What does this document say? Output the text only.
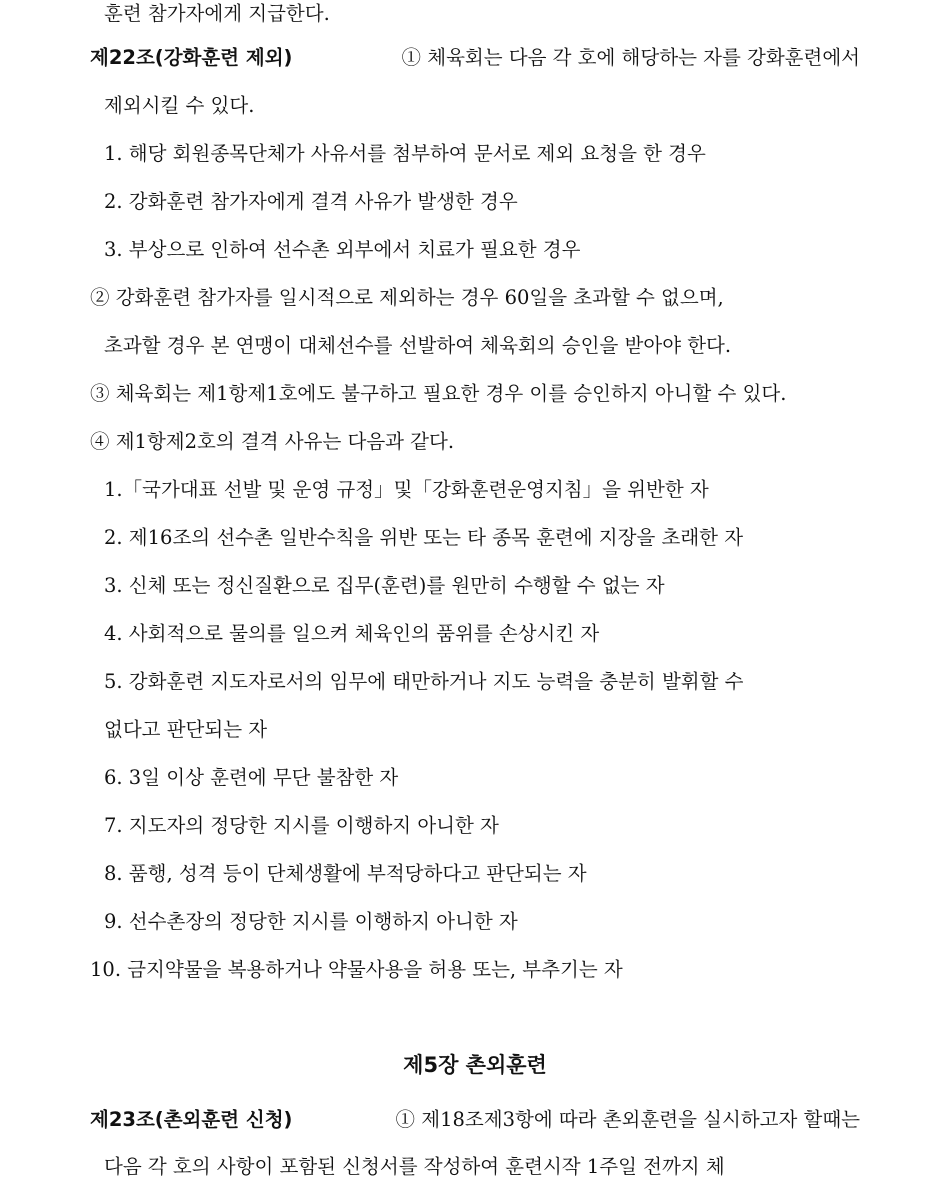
훈련 참가자에게 지급한다.
제22조(강화훈련 제외)	① 체육회는 다음 각 호에 해당하는 자를 강화훈련에서
제외시킬 수 있다.
1. 해당 회원종목단체가 사유서를 첨부하여 문서로 제외 요청을 한 경우
2. 강화훈련 참가자에게 결격 사유가 발생한 경우
3. 부상으로 인하여 선수촌 외부에서 치료가 필요한 경우
② 강화훈련 참가자를 일시적으로 제외하는 경우 60일을 초과할 수 없으며,
초과할 경우 본 연맹이 대체선수를 선발하여 체육회의 승인을 받아야 한다.
③ 체육회는 제1항제1호에도 불구하고 필요한 경우 이를 승인하지 아니할 수 있다.
④ 제1항제2호의 결격 사유는 다음과 같다.
1.「국가대표 선발 및 운영 규정」및「강화훈련운영지침」을 위반한 자
2. 제16조의 선수촌 일반수칙을 위반 또는 타 종목 훈련에 지장을 초래한 자
3. 신체 또는 정신질환으로 집무(훈련)를 원만히 수행할 수 없는 자
4. 사회적으로 물의를 일으켜 체육인의 품위를 손상시킨 자
5. 강화훈련 지도자로서의 임무에 태만하거나 지도 능력을 충분히 발휘할 수
없다고 판단되는 자
6. 3일 이상 훈련에 무단 불참한 자
7. 지도자의 정당한 지시를 이행하지 아니한 자
8. 품행, 성격 등이 단체생활에 부적당하다고 판단되는 자
9. 선수촌장의 정당한 지시를 이행하지 아니한 자
10. 금지약물을 복용하거나 약물사용을 허용 또는, 부추기는 자
제5장 촌외훈련
제23조(촌외훈련 신청)	① 제18조제3항에 따라 촌외훈련을 실시하고자 할때는
다음 각 호의 사항이 포함된 신청서를 작성하여 훈련시작 1주일 전까지 체
